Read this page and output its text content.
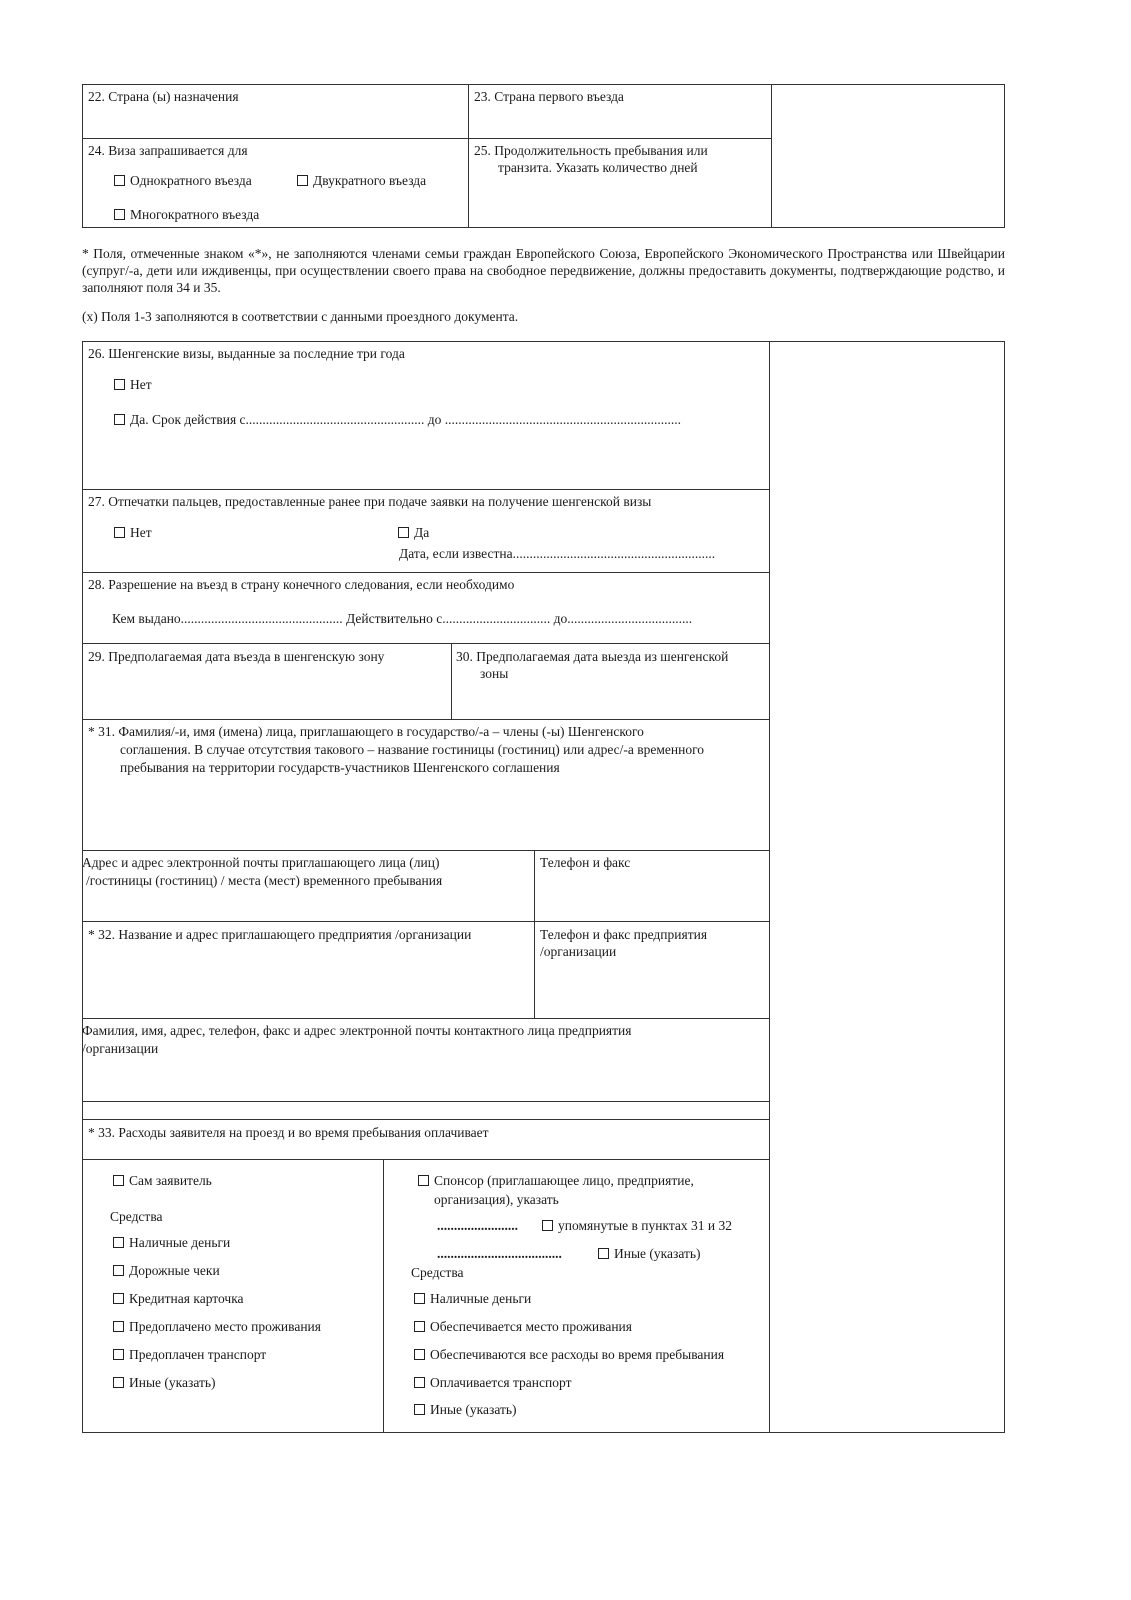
22. Страна (ы) назначения	23. Страна первого въезда
24. Виза запрашивается для
Однократного въезда	Двукратного въезда
Многократного въезда
25. Продолжительность пребывания или
транзита. Указать количество дней
* Поля, отмеченные знаком «*», не заполняются членами семьи граждан Европейского Союза, Европейского Экономического Пространства или Швейцарии (супруг/-а, дети или иждивенцы, при осуществлении своего права на свободное передвижение, должны предоставить документы, подтверждающие родство, и заполняют поля 34 и 35.
(x) Поля 1-3 заполняются в соответствии с данными проездного документа.
26. Шенгенские визы, выданные за последние три года
Нет
Да. Срок действия с..................................................... до ......................................................................
27. Отпечатки пальцев, предоставленные ранее при подаче заявки на получение шенгенской визы
Нет	Да
Дата, если известна............................................................
28. Разрешение на въезд в страну конечного следования, если необходимо
Кем выдано................................................ Действительно с................................ до.....................................
29. Предполагаемая дата въезда в шенгенскую зону	30. Предполагаемая дата выезда из шенгенской
зоны
* 31. Фамилия/-и, имя (имена) лица, приглашающего в государство/-а – члены (-ы) Шенгенского
соглашения. В случае отсутствия такового – название гостиницы (гостиниц) или адрес/-а временного
пребывания на территории государств-участников Шенгенского соглашения
Адрес и адрес электронной почты приглашающего лица (лиц)
/гостиницы (гостиниц) / места (мест) временного пребывания
Телефон и факс
* 32. Название и адрес приглашающего предприятия /организации	Телефон и факс предприятия
/организации
Фамилия, имя, адрес, телефон, факс и адрес электронной почты контактного лица предприятия
/организации
* 33. Расходы заявителя на проезд и во время пребывания оплачивает
Сам заявитель
Средства
Наличные деньги
Дорожные чеки
Кредитная карточка
Предоплачено место проживания
Предоплачен транспорт
Иные (указать)
Спонсор (приглашающее лицо, предприятие,
организация), указать
........................	упомянутые в пунктах 31 и 32
.....................................	Иные (указать)
Средства
Наличные деньги
Обеспечивается место проживания
Обеспечиваются все расходы во время пребывания
Оплачивается транспорт
Иные (указать)
